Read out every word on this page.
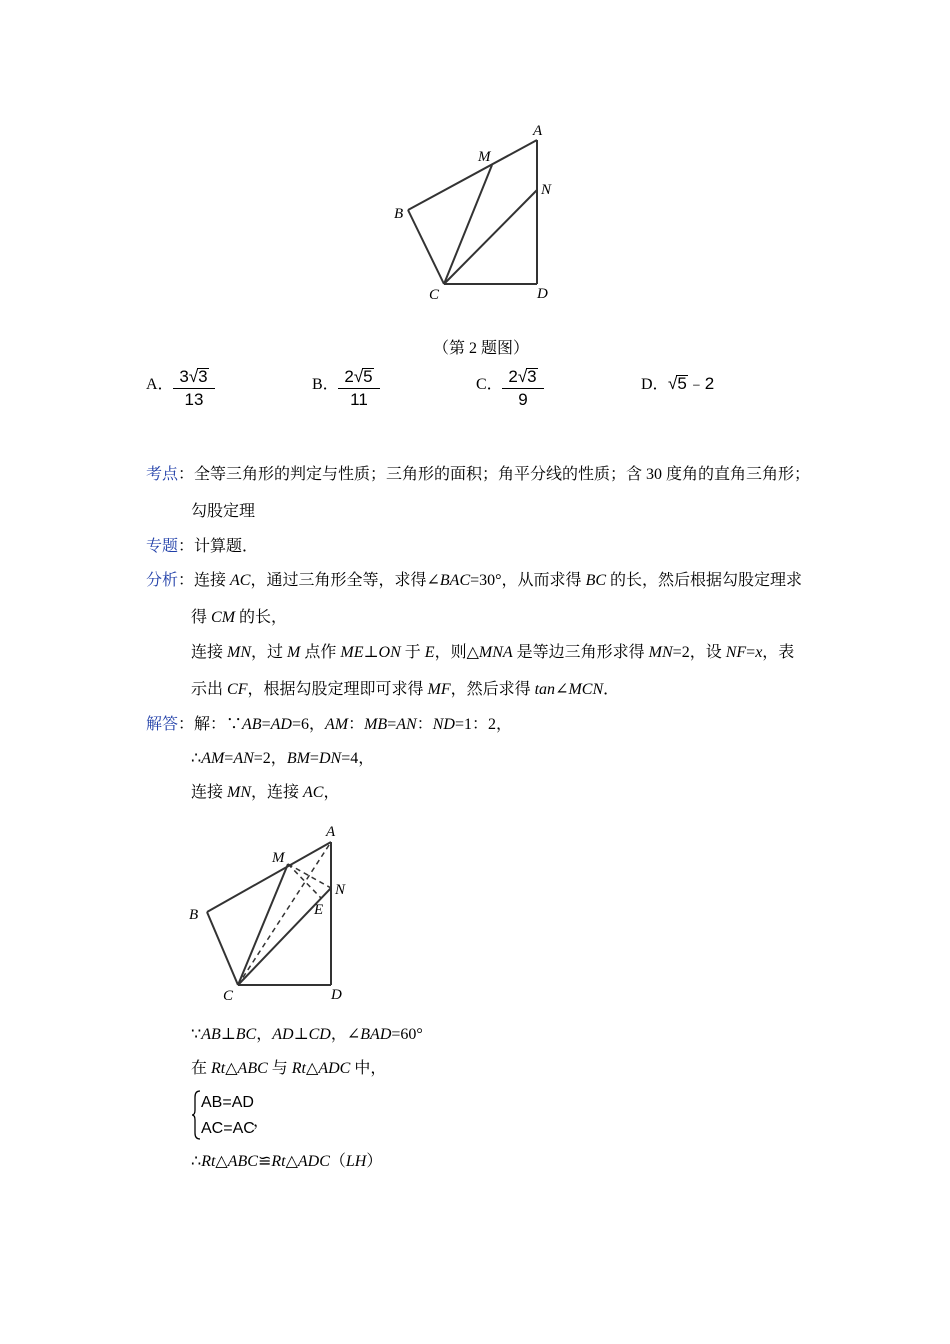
A
M
N
B
C	D
（第 2 题图）
A． $\frac{3√3}{13}$	B． $\frac{2√5}{11}$	C． $\frac{2√3}{9}$	D． √5﹣2
考点：全等三角形的判定与性质；三角形的面积；角平分线的性质；含 30 度角的直角三角形；
勾股定理
专题：计算题．
分析：连接 AC，通过三角形全等，求得∠BAC=30°，从而求得 BC 的长，然后根据勾股定理求
得 CM 的长，
连接 MN，过 M 点作 ME⊥ON 于 E，则△MNA 是等边三角形求得 MN=2，设 NF=x，表
示出 CF，根据勾股定理即可求得 MF，然后求得 tan∠MCN．
解答：解：∵AB=AD=6，AM：MB=AN：ND=1：2，
∴AM=AN=2，BM=DN=4，
连接 MN，连接 AC，
A
M
N
E
B
C	D
∵AB⊥BC，AD⊥CD，∠BAD=60°
在 Rt△ABC 与 Rt△ADC 中，
AB=AD
AC=AC
，
∴Rt△ABC≌Rt△ADC（LH）
